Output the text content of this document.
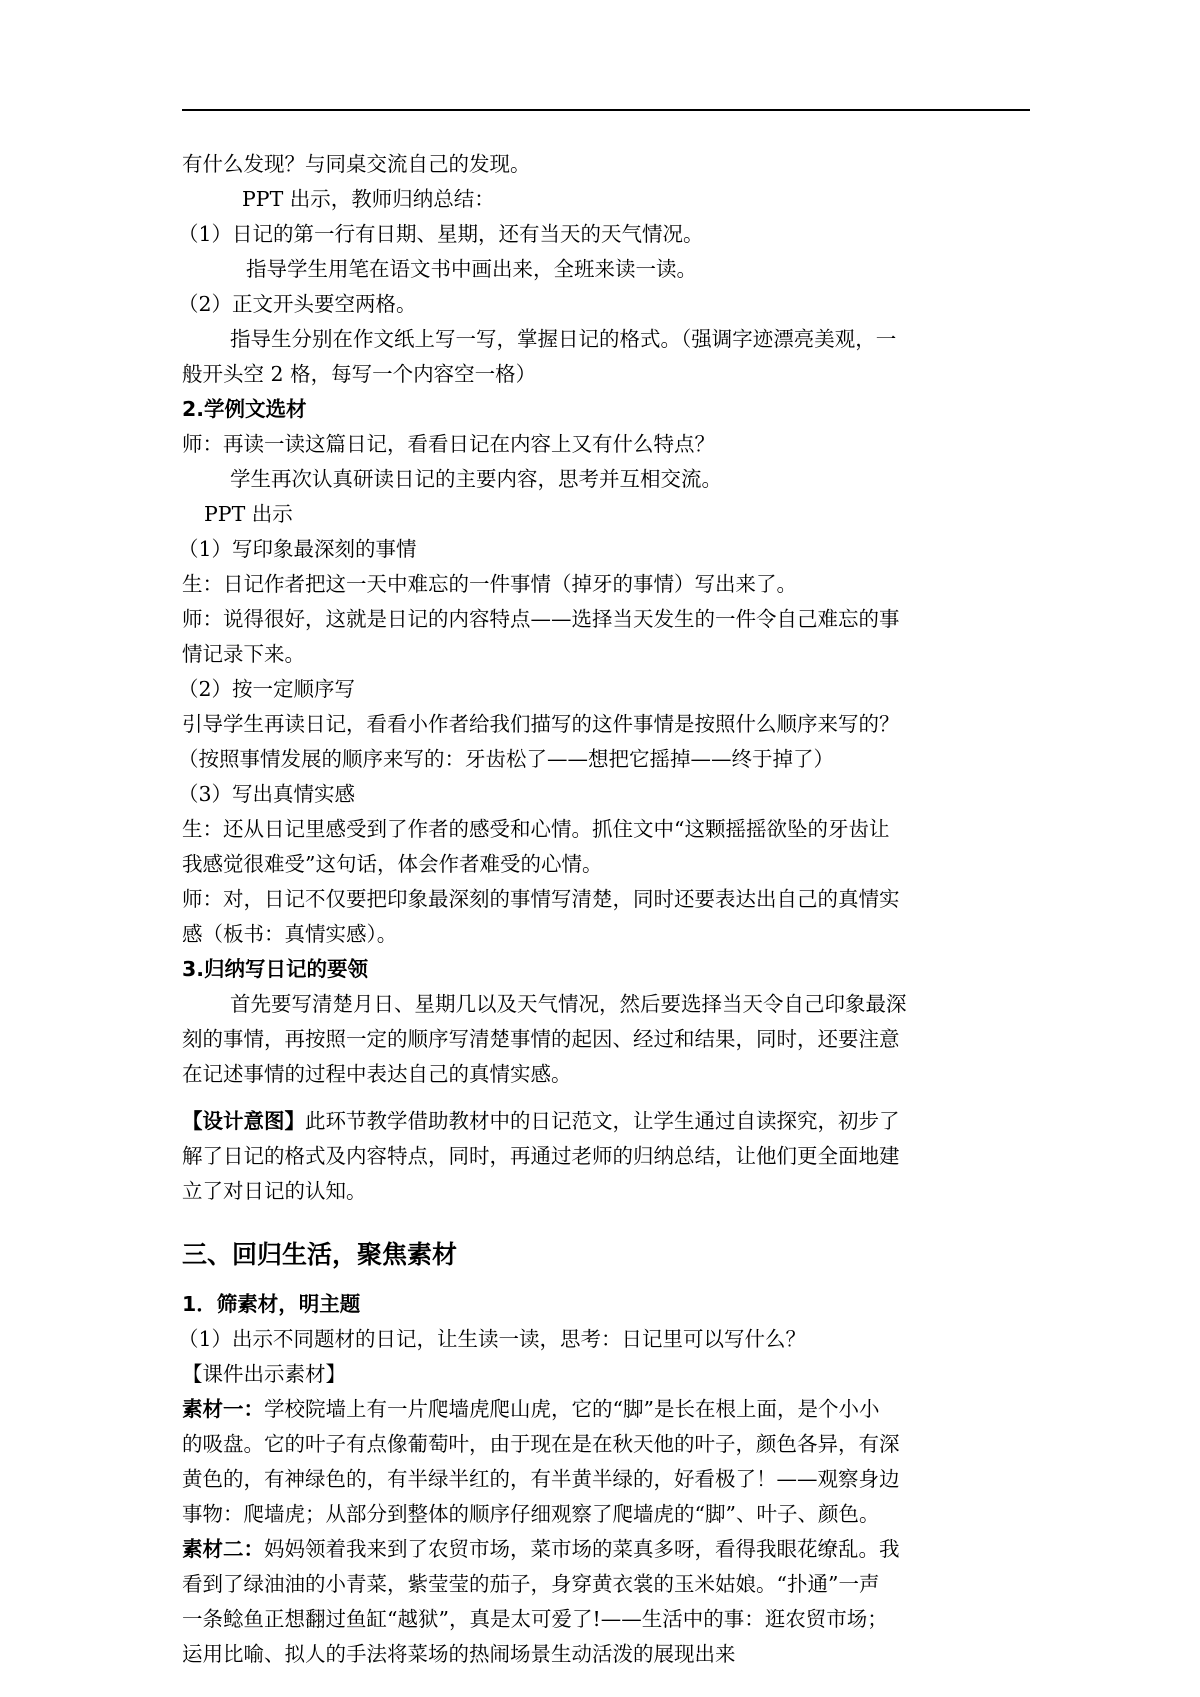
有什么发现？与同桌交流自己的发现。
PPT 出示，教师归纳总结：
（1）日记的第一行有日期、星期，还有当天的天气情况。
指导学生用笔在语文书中画出来，全班来读一读。
（2）正文开头要空两格。
指导生分别在作文纸上写一写，掌握日记的格式。（强调字迹漂亮美观，一
般开头空 2 格，每写一个内容空一格）
2.学例文选材
师：再读一读这篇日记，看看日记在内容上又有什么特点？
学生再次认真研读日记的主要内容，思考并互相交流。
PPT 出示
（1）写印象最深刻的事情
生：日记作者把这一天中难忘的一件事情（掉牙的事情）写出来了。
师：说得很好，这就是日记的内容特点——选择当天发生的一件令自己难忘的事
情记录下来。
（2）按一定顺序写
引导学生再读日记，看看小作者给我们描写的这件事情是按照什么顺序来写的？
（按照事情发展的顺序来写的：牙齿松了——想把它摇掉——终于掉了）
（3）写出真情实感
生：还从日记里感受到了作者的感受和心情。抓住文中“这颗摇摇欲坠的牙齿让
我感觉很难受”这句话，体会作者难受的心情。
师：对，日记不仅要把印象最深刻的事情写清楚，同时还要表达出自己的真情实
感（板书：真情实感）。
3.归纳写日记的要领
首先要写清楚月日、星期几以及天气情况，然后要选择当天令自己印象最深
刻的事情，再按照一定的顺序写清楚事情的起因、经过和结果，同时，还要注意
在记述事情的过程中表达自己的真情实感。
【设计意图】此环节教学借助教材中的日记范文，让学生通过自读探究，初步了
解了日记的格式及内容特点，同时，再通过老师的归纳总结，让他们更全面地建
立了对日记的认知。
三、回归生活，聚焦素材
1．筛素材，明主题
（1）出示不同题材的日记，让生读一读，思考：日记里可以写什么？
【课件出示素材】
素材一：学校院墙上有一片爬墙虎爬山虎，它的“脚”是长在根上面，是个小小
的吸盘。它的叶子有点像葡萄叶，由于现在是在秋天他的叶子，颜色各异，有深
黄色的，有神绿色的，有半绿半红的，有半黄半绿的，好看极了！——观察身边
事物：爬墙虎；从部分到整体的顺序仔细观察了爬墙虎的“脚”、叶子、颜色。
素材二：妈妈领着我来到了农贸市场，菜市场的菜真多呀，看得我眼花缭乱。我
看到了绿油油的小青菜，紫莹莹的茄子，身穿黄衣裳的玉米姑娘。“扑通”一声
一条鲶鱼正想翻过鱼缸“越狱”，真是太可爱了!——生活中的事：逛农贸市场；
运用比喻、拟人的手法将菜场的热闹场景生动活泼的展现出来
